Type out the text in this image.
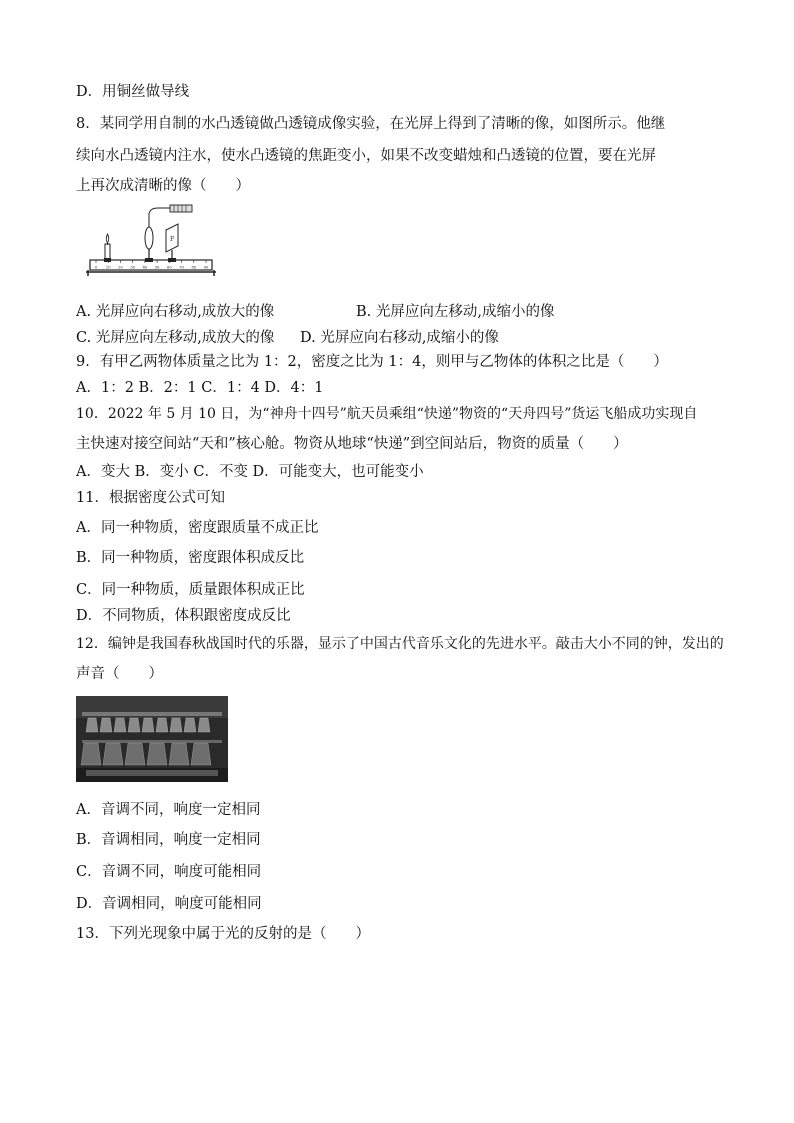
D．用铜丝做导线
8．某同学用自制的水凸透镜做凸透镜成像实验，在光屏上得到了清晰的像，如图所示。他继
续向水凸透镜内注水，使水凸透镜的焦距变小，如果不改变蜡烛和凸透镜的位置，要在光屏
上再次成清晰的像（　　）
0 10 20 30 40 50 60 70 80 90
F
A. 光屏应向右移动,成放大的像	B. 光屏应向左移动,成缩小的像
C. 光屏应向左移动,成放大的像 D. 光屏应向右移动,成缩小的像
9．有甲乙两物体质量之比为 1：2，密度之比为 1：4，则甲与乙物体的体积之比是（　　）
A．1：2 B．2：1 C．1：4 D．4：1
10．2022 年 5 月 10 日，为“神舟十四号”航天员乘组“快递”物资的“天舟四号”货运飞船成功实现自
主快速对接空间站“天和”核心舱。物资从地球“快递”到空间站后，物资的质量（　　）
A．变大 B．变小 C．不变 D．可能变大，也可能变小
11．根据密度公式可知
A．同一种物质，密度跟质量不成正比
B．同一种物质，密度跟体积成反比
C．同一种物质，质量跟体积成正比
D．不同物质，体积跟密度成反比
12．编钟是我国春秋战国时代的乐器，显示了中国古代音乐文化的先进水平。敲击大小不同的钟，发出的
声音（　　）
A．音调不同，响度一定相同
B．音调相同，响度一定相同
C．音调不同，响度可能相同
D．音调相同，响度可能相同
13．下列光现象中属于光的反射的是（　　）
